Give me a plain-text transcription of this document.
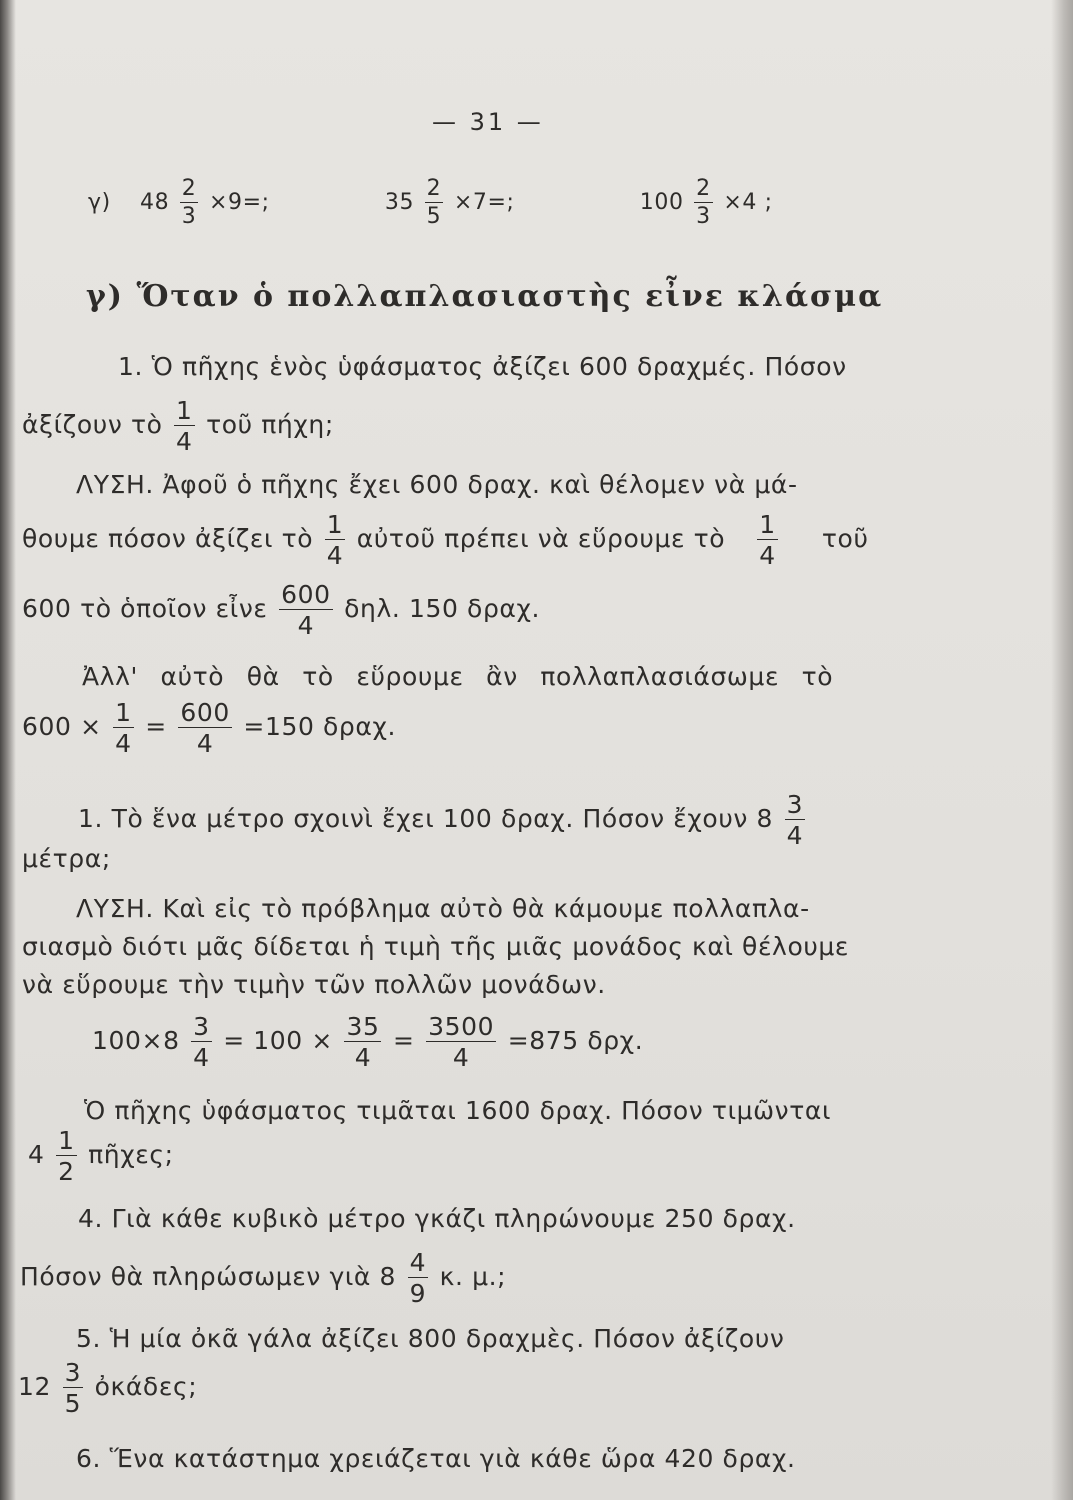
— 31 —
γ) $48 \frac{2}{3} \times 9=$;	$35 \frac{2}{5} \times 7=$;	$100 \frac{2}{3} \times 4$ ;
γ) Ὅταν ὁ πολλαπλασιαστὴς εἶνε κλάσμα
1. Ὁ πῆχης ἑνὸς ὑφάσματος ἀξίζει 600 δραχμές. Πόσον
ἀξίζουν τὸ $\frac{1}{4}$ τοῦ πήχη;
ΛΥΣΗ. Ἀφοῦ ὁ πῆχης ἔχει 600 δραχ. καὶ θέλομεν νὰ μά-
θουμε πόσον ἀξίζει τὸ $\frac{1}{4}$ αὐτοῦ πρέπει νὰ εὕρουμε τὸ $\frac{1}{4}$ τοῦ
600 τὸ ὁποῖον εἶνε $\frac{600}{4} \delta\eta\lambda$. 150 δραχ.
Ἀλλ' αὐτὸ θὰ τὸ εὕρουμε ἂν πολλαπλασιάσωμε τὸ
$600 \times \frac{1}{4} = \frac{600}{4} =150$ δραχ.
1. Τὸ ἕνα μέτρο σχοινὶ ἔχει 100 δραχ. Πόσον ἔχουν $8 \frac{3}{4}$
μέτρα;
ΛΥΣΗ. Καὶ εἰς τὸ πρόβλημα αὐτὸ θὰ κάμουμε πολλαπλα-
σιασμὸ διότι μᾶς δίδεται ἡ τιμὴ τῆς μιᾶς μονάδος καὶ θέλουμε
νὰ εὕρουμε τὴν τιμὴν τῶν πολλῶν μονάδων.
$100\times 8 \frac{3}{4} = 100 \times \frac{35}{4} = \frac{3500}{4} =875$ δρχ.
Ὁ πῆχης ὑφάσματος τιμᾶται 1600 δραχ. Πόσον τιμῶνται
$4 \frac{1}{2}$ πῆχες;
4. Γιὰ κάθε κυβικὸ μέτρο γκάζι πληρώνουμε 250 δραχ.
Πόσον θὰ πληρώσωμεν γιὰ $8 \frac{4}{9} \kappa$. μ.;
5. Ἡ μία ὀκᾶ γάλα ἀξίζει 800 δραχμὲς. Πόσον ἀξίζουν
$12 \frac{3}{5}$ ὀκάδες;
6. Ἕνα κατάστημα χρειάζεται γιὰ κάθε ὥρα 420 δραχ.
